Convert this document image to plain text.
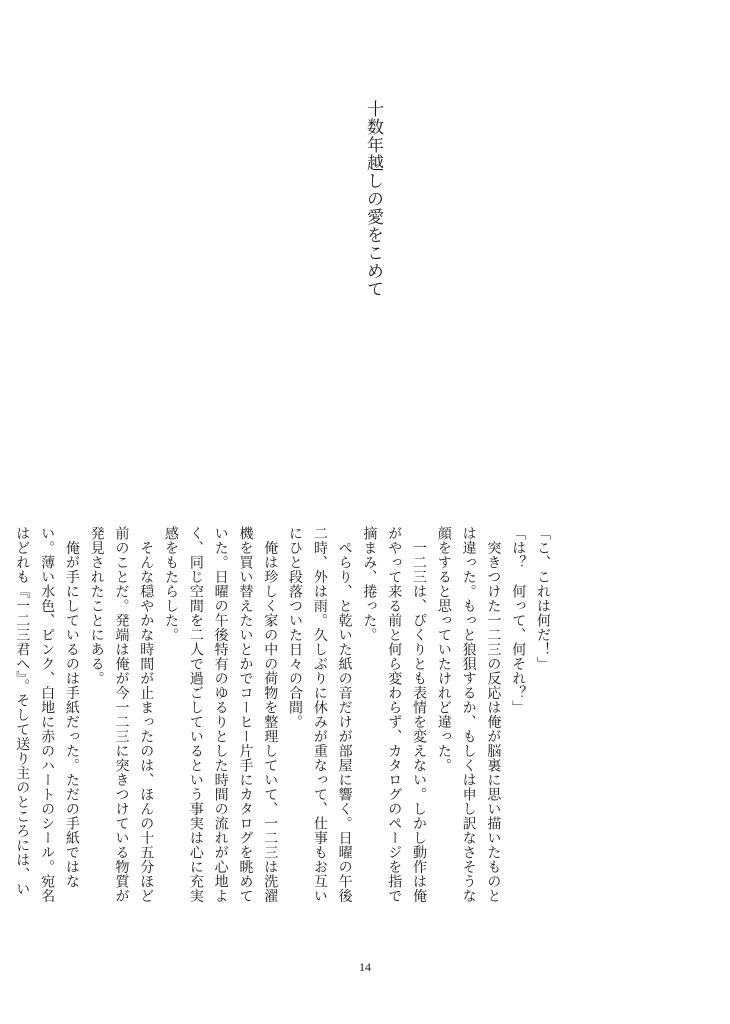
十数年越しの愛をこめて

「こ、これは何だ！」

「は？　何って、何それ？」

　突きつけた一二三の反応は俺が脳裏に思い描いたものと

は違った。もっと狼狽するか、もしくは申し訳なさそうな

顔をすると思っていたけれど違った。

　一二三は、ぴくりとも表情を変えない。しかし動作は俺

がやって来る前と何ら変わらず、カタログのページを指で

摘まみ、捲った。

　ぺらり、と乾いた紙の音だけが部屋に響く。日曜の午後

二時、外は雨。久しぶりに休みが重なって、仕事もお互い

にひと段落ついた日々の合間。

　俺は珍しく家の中の荷物を整理していて、一二三は洗濯

機を買い替えたいとかでコーヒー片手にカタログを眺めて

いた。日曜の午後特有のゆるりとした時間の流れが心地よ

く、同じ空間を二人で過ごしているという事実は心に充実

感をもたらした。

　そんな穏やかな時間が止まったのは、ほんの十五分ほど

前のことだ。発端は俺が今一二三に突きつけている物質が

発見されたことにある。

　俺が手にしているのは手紙だった。ただの手紙ではな

い。薄い水色、ピンク、白地に赤のハートのシール。宛名

はどれも『一二三君へ』。そして送り主のところには、い

14
